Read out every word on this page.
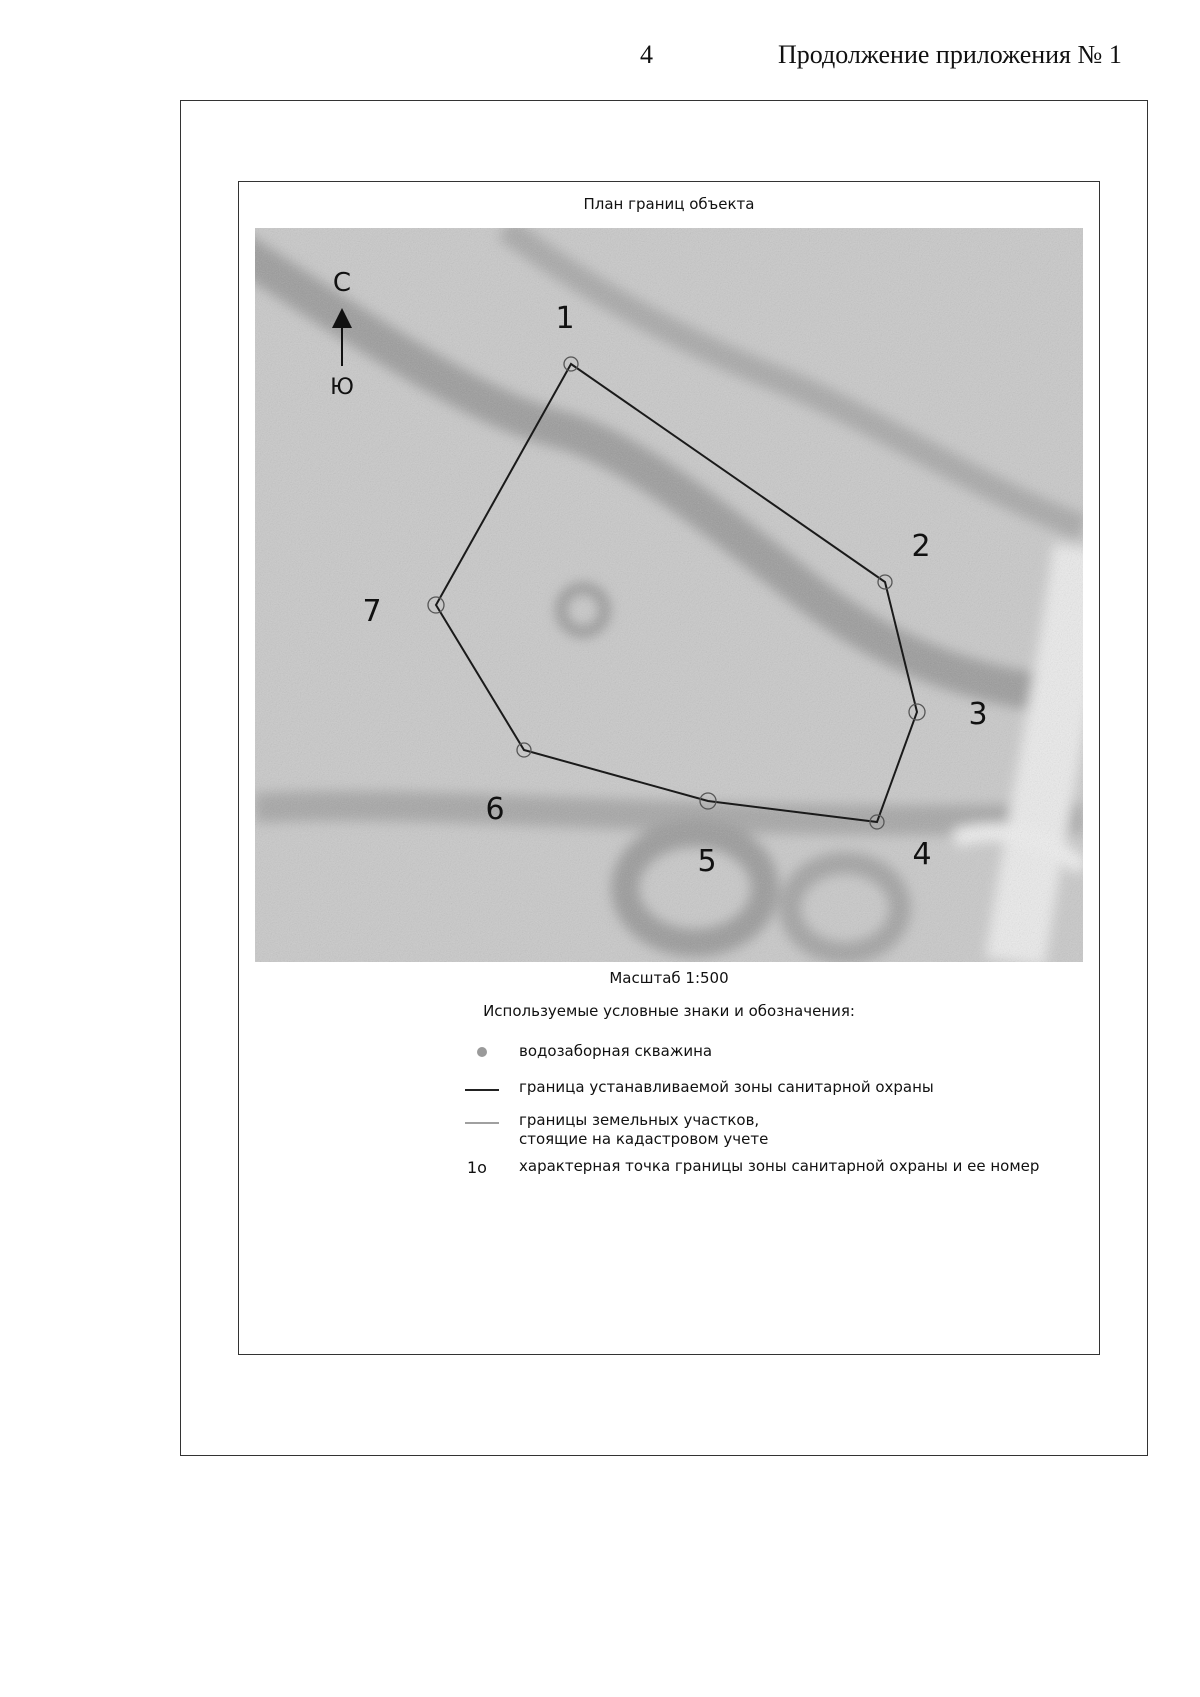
4	Продолжение приложения № 1
План границ объекта
С
Ю
1
2
3
4
5
6
7
Масштаб 1:500
Используемые условные знаки и обозначения:
водозаборная скважина
граница устанавливаемой зоны санитарной охраны
границы земельных участков,
стоящие на кадастровом учете
1о характерная точка границы зоны санитарной охраны и ее номер
